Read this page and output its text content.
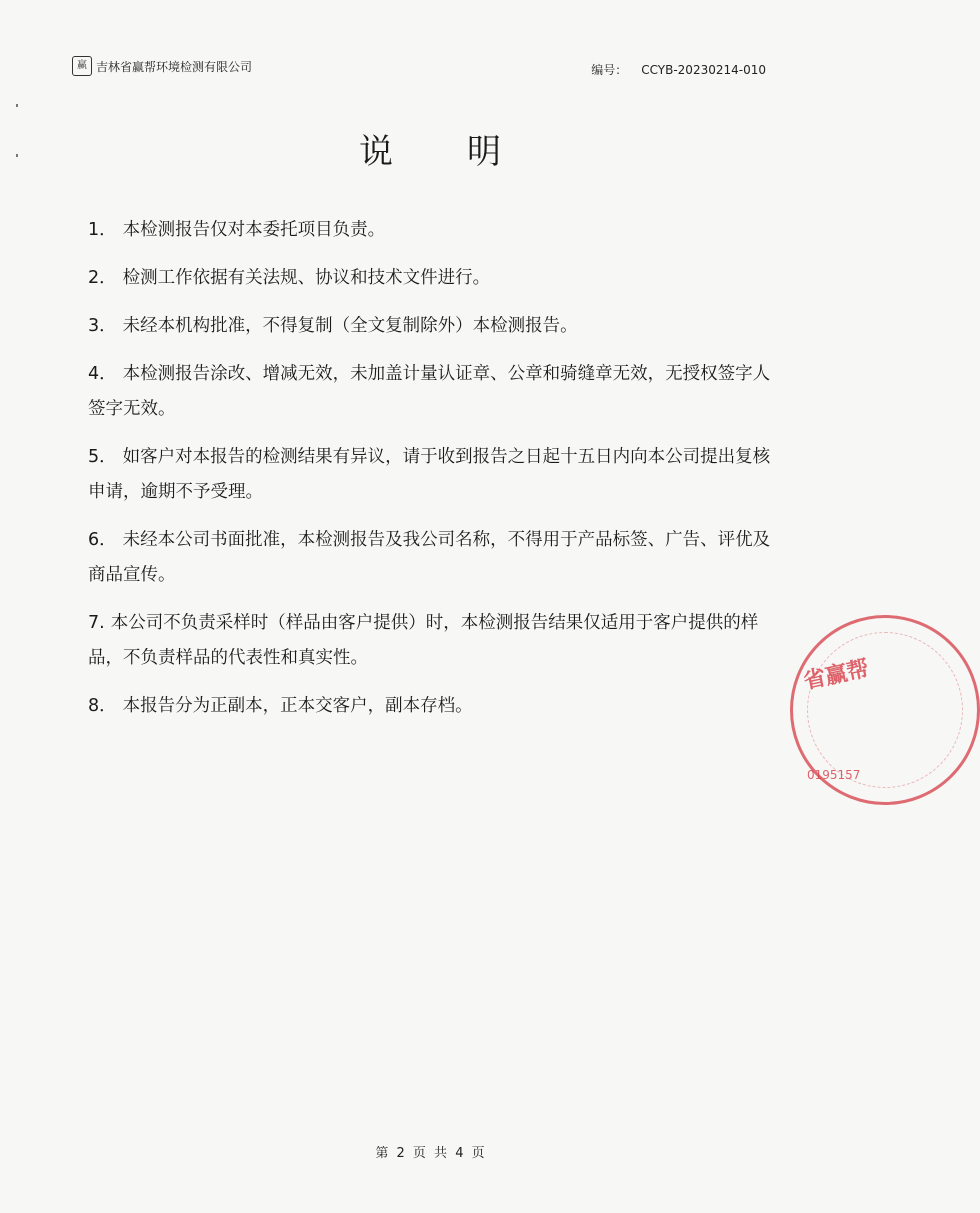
赢 吉林省赢帮环境检测有限公司	编号： CCYB-20230214-010
说明
1． 本检测报告仅对本委托项目负责。
2． 检测工作依据有关法规、协议和技术文件进行。
3． 未经本机构批准，不得复制（全文复制除外）本检测报告。
4． 本检测报告涂改、增减无效，未加盖计量认证章、公章和骑缝章无效，无授权签字人签字无效。
5． 如客户对本报告的检测结果有异议，请于收到报告之日起十五日内向本公司提出复核申请，逾期不予受理。
6． 未经本公司书面批准，本检测报告及我公司名称，不得用于产品标签、广告、评优及商品宣传。
7. 本公司不负责采样时（样品由客户提供）时，本检测报告结果仅适用于客户提供的样品，不负责样品的代表性和真实性。
8． 本报告分为正副本，正本交客户，副本存档。
省赢帮
0195157
第 2 页 共 4 页
